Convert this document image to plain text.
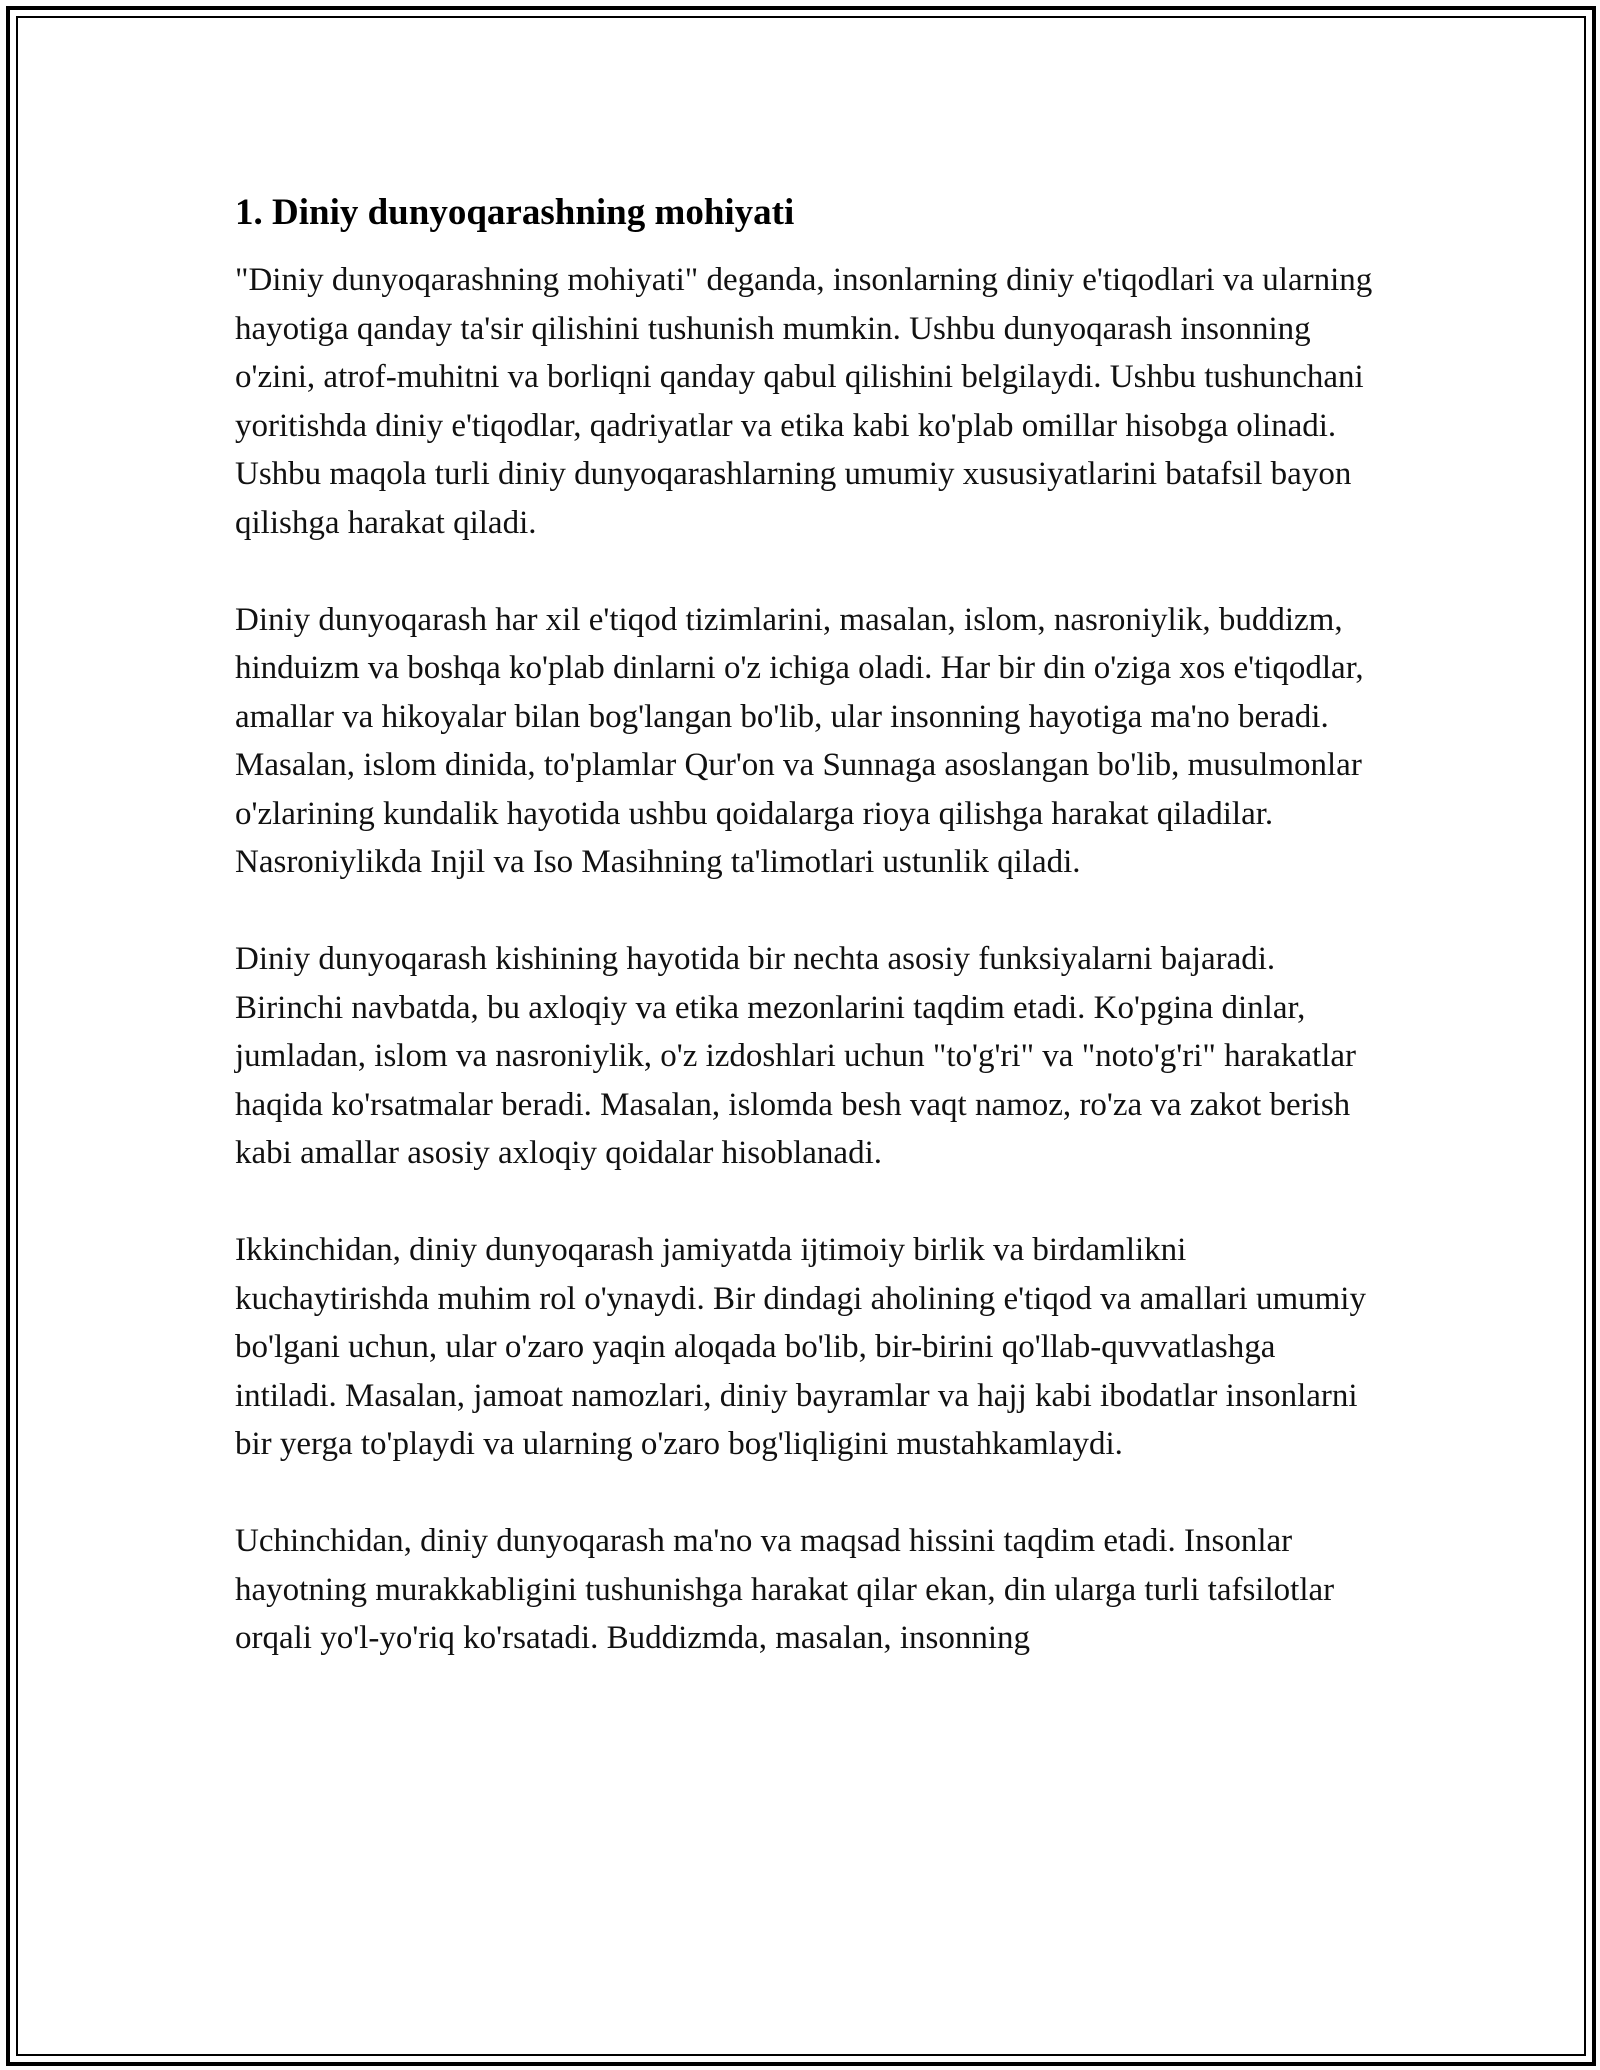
1. Diniy dunyoqarashning mohiyati

"Diniy dunyoqarashning mohiyati" deganda, insonlarning diniy e'tiqodlari va ularning hayotiga qanday ta'sir qilishini tushunish mumkin. Ushbu dunyoqarash insonning o'zini, atrof-muhitni va borliqni qanday qabul qilishini belgilaydi. Ushbu tushunchani yoritishda diniy e'tiqodlar, qadriyatlar va etika kabi ko'plab omillar hisobga olinadi. Ushbu maqola turli diniy dunyoqarashlarning umumiy xususiyatlarini batafsil bayon qilishga harakat qiladi.

Diniy dunyoqarash har xil e'tiqod tizimlarini, masalan, islom, nasroniylik, buddizm, hinduizm va boshqa ko'plab dinlarni o'z ichiga oladi. Har bir din o'ziga xos e'tiqodlar, amallar va hikoyalar bilan bog'langan bo'lib, ular insonning hayotiga ma'no beradi. Masalan, islom dinida, to'plamlar Qur'on va Sunnaga asoslangan bo'lib, musulmonlar o'zlarining kundalik hayotida ushbu qoidalarga rioya qilishga harakat qiladilar. Nasroniylikda Injil va Iso Masihning ta'limotlari ustunlik qiladi.

Diniy dunyoqarash kishining hayotida bir nechta asosiy funksiyalarni bajaradi. Birinchi navbatda, bu axloqiy va etika mezonlarini taqdim etadi. Ko'pgina dinlar, jumladan, islom va nasroniylik, o'z izdoshlari uchun "to'g'ri" va "noto'g'ri" harakatlar haqida ko'rsatmalar beradi. Masalan, islomda besh vaqt namoz, ro'za va zakot berish kabi amallar asosiy axloqiy qoidalar hisoblanadi.

Ikkinchidan, diniy dunyoqarash jamiyatda ijtimoiy birlik va birdamlikni kuchaytirishda muhim rol o'ynaydi. Bir dindagi aholining e'tiqod va amallari umumiy bo'lgani uchun, ular o'zaro yaqin aloqada bo'lib, bir-birini qo'llab-quvvatlashga intiladi. Masalan, jamoat namozlari, diniy bayramlar va hajj kabi ibodatlar insonlarni bir yerga to'playdi va ularning o'zaro bog'liqligini mustahkamlaydi.

Uchinchidan, diniy dunyoqarash ma'no va maqsad hissini taqdim etadi. Insonlar hayotning murakkabligini tushunishga harakat qilar ekan, din ularga turli tafsilotlar orqali yo'l-yo'riq ko'rsatadi. Buddizmda, masalan, insonning
